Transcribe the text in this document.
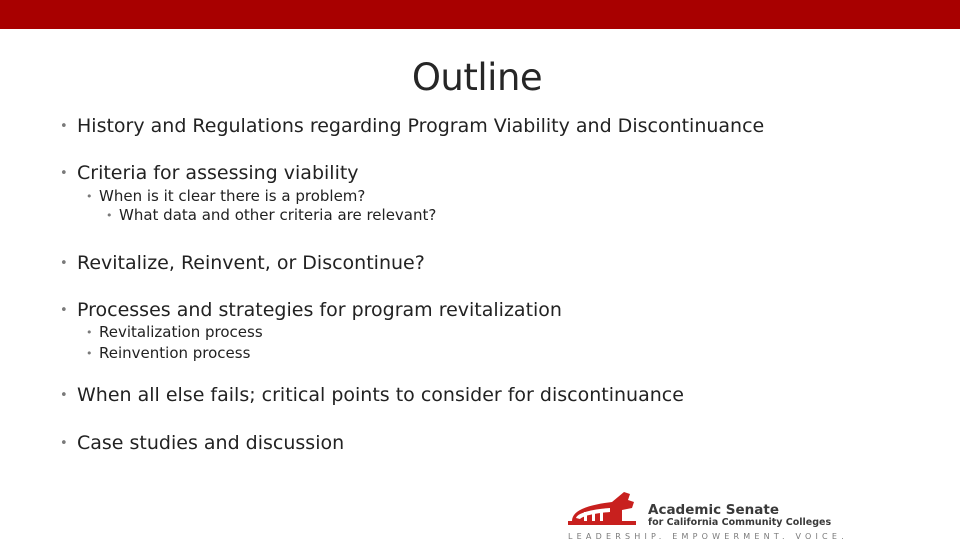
Outline
• History and Regulations regarding Program Viability and Discontinuance
• Criteria for assessing viability
• When is it clear there is a problem?
• What data and other criteria are relevant?
• Revitalize, Reinvent, or Discontinue?
• Processes and strategies for program revitalization
• Revitalization process
• Reinvention process
• When all else fails; critical points to consider for discontinuance
• Case studies and discussion
Academic Senate
for California Community Colleges
LEADERSHIP. EMPOWERMENT. VOICE.
